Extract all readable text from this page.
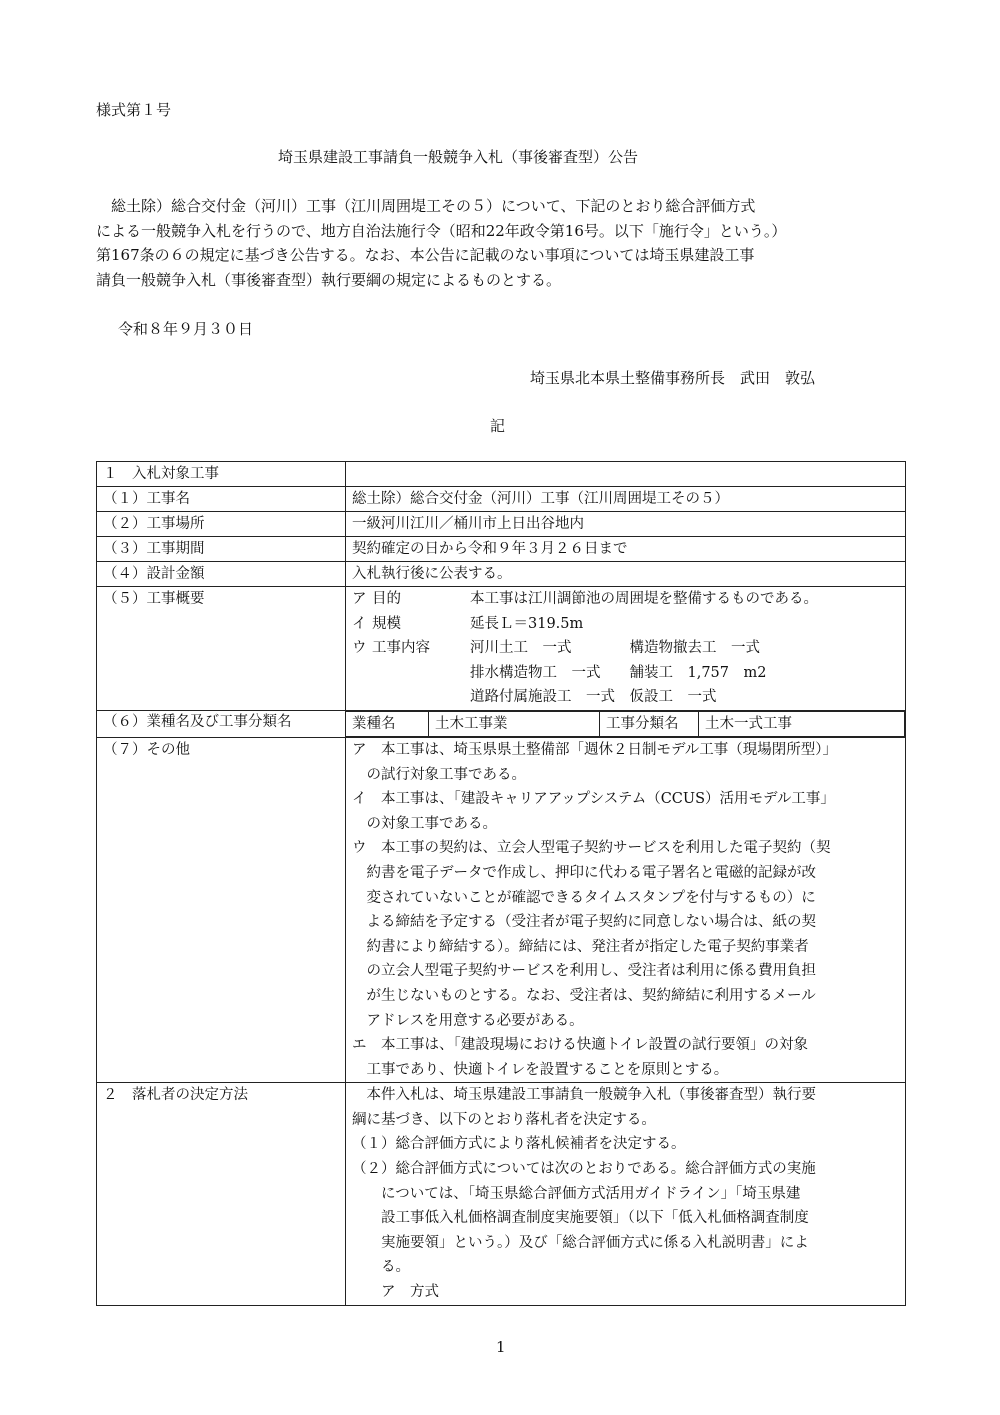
様式第１号
埼玉県建設工事請負一般競争入札（事後審査型）公告
　総土除）総合交付金（河川）工事（江川周囲堤工その５）について、下記のとおり総合評価方式
による一般競争入札を行うので、地方自治法施行令（昭和22年政令第16号。以下「施行令」という。）
第167条の６の規定に基づき公告する。なお、本公告に記載のない事項については埼玉県建設工事
請負一般競争入札（事後審査型）執行要綱の規定によるものとする。
令和８年９月３０日
埼玉県北本県土整備事務所長　武田　敦弘
記
１　入札対象工事	
（１）工事名	総土除）総合交付金（河川）工事（江川周囲堤工その５）
（２）工事場所	一級河川江川／桶川市上日出谷地内
（３）工事期間	契約確定の日から令和９年３月２６日まで
（４）設計金額	入札執行後に公表する。
（５）工事概要	ア 目的	本工事は江川調節池の周囲堤を整備するものである。
イ 規模	延長Ｌ＝319.5m
ウ 工事内容	河川土工　一式　　　　構造物撤去工　一式
排水構造物工　一式　　舗装工　1,757　m2
道路付属施設工　一式　仮設工　一式

（６）業種名及び工事分類名		業種名	土木工事業	工事分類名	土木一式工事

（７）その他	ア　本工事は、埼玉県県土整備部「週休２日制モデル工事（現場閉所型）」
　の試行対象工事である。
イ　本工事は、「建設キャリアアップシステム（CCUS）活用モデル工事」
　の対象工事である。
ウ　本工事の契約は、立会人型電子契約サービスを利用した電子契約（契
　約書を電子データで作成し、押印に代わる電子署名と電磁的記録が改
　変されていないことが確認できるタイムスタンプを付与するもの）に
　よる締結を予定する（受注者が電子契約に同意しない場合は、紙の契
　約書により締結する）。締結には、発注者が指定した電子契約事業者
　の立会人型電子契約サービスを利用し、受注者は利用に係る費用負担
　が生じないものとする。なお、受注者は、契約締結に利用するメール
　アドレスを用意する必要がある。
エ　本工事は、「建設現場における快適トイレ設置の試行要領」の対象
　工事であり、快適トイレを設置することを原則とする。

２　落札者の決定方法	　本件入札は、埼玉県建設工事請負一般競争入札（事後審査型）執行要
綱に基づき、以下のとおり落札者を決定する。
（１）総合評価方式により落札候補者を決定する。
（２）総合評価方式については次のとおりである。総合評価方式の実施
　　については、「埼玉県総合評価方式活用ガイドライン」「埼玉県建
　　設工事低入札価格調査制度実施要領」（以下「低入札価格調査制度
　　実施要領」という。）及び「総合評価方式に係る入札説明書」によ
　　る。
　　ア　方式
1
